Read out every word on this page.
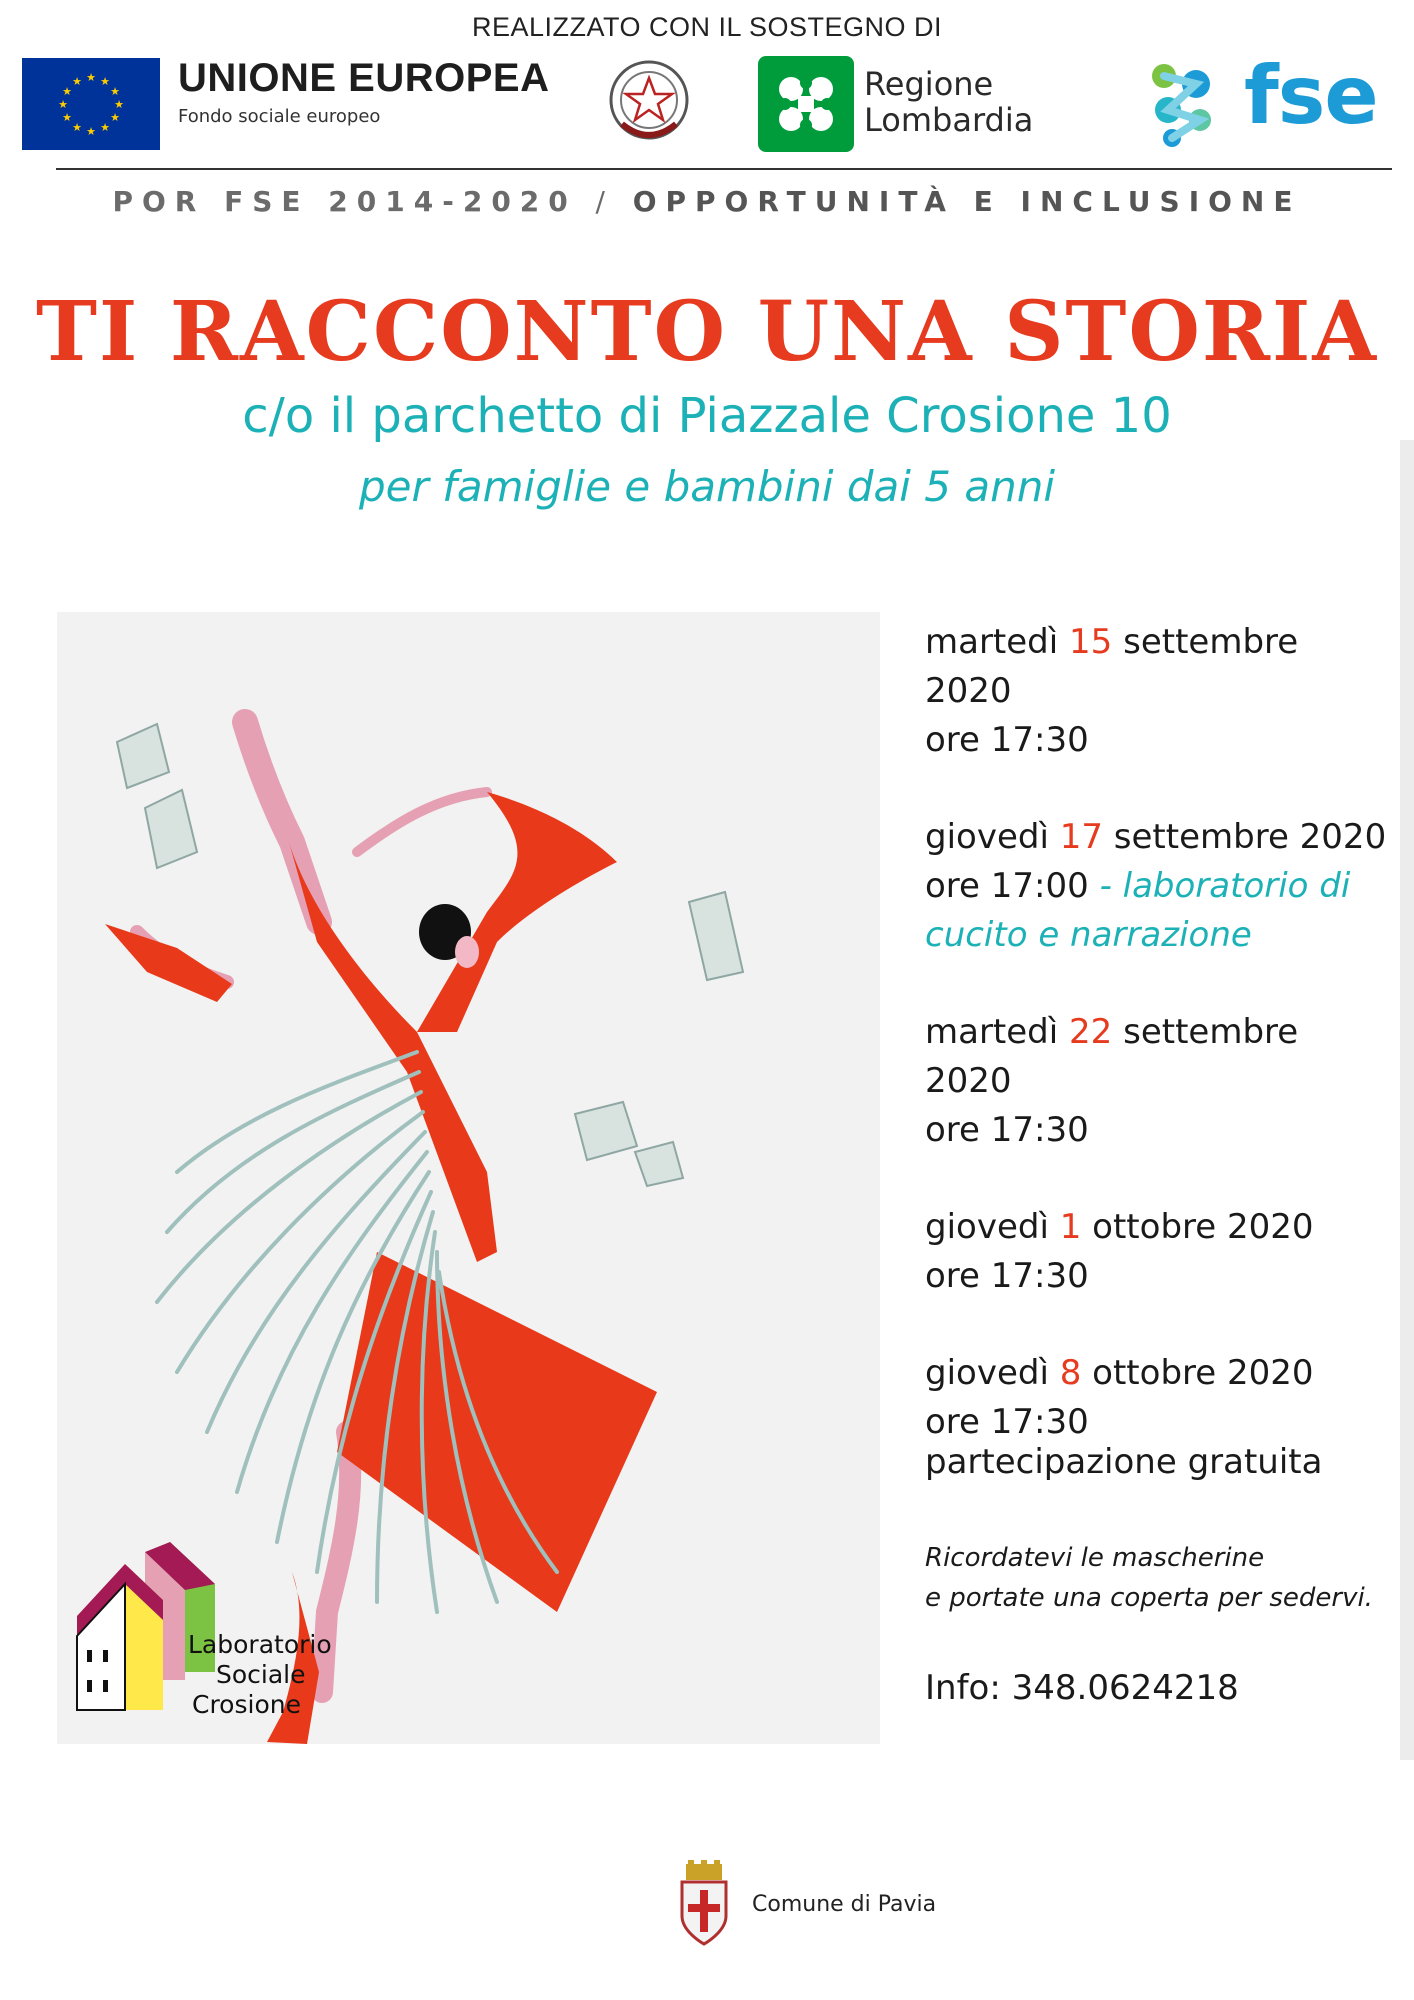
REALIZZATO CON IL SOSTEGNO DI
★ ★
★
★
★
★
★
★
★
★
★
★ UNIONE EUROPEA
Fondo sociale europeo
Regione
Lombardia	fse
POR FSE 2014-2020 / OPPORTUNITÀ E INCLUSIONE
TI RACCONTO UNA STORIA
c/o il parchetto di Piazzale Crosione 10
per famiglie e bambini dai 5 anni
Laboratorio
Sociale
Crosione
martedì 15 settembre 2020
ore 17:30
giovedì 17 settembre 2020
ore 17:00 - laboratorio di cucito e narrazione
martedì 22 settembre 2020
ore 17:30
giovedì 1 ottobre 2020
ore 17:30
giovedì 8 ottobre 2020
ore 17:30
partecipazione gratuita
Ricordatevi le mascherine
e portate una coperta per sedervi.
Info: 348.0624218
Comune di Pavia
